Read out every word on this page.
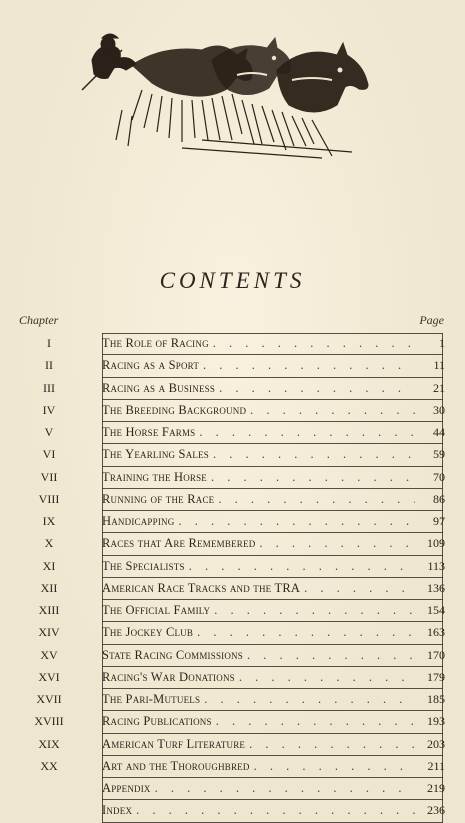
CONTENTS
Chapter	Page
I	The Role of Racing . . .	1
II	Racing as a Sport . . .	11
III	Racing as a Business . . .	21
IV	The Breeding Background . . .	30
V	The Horse Farms . . .	44
VI	The Yearling Sales . . .	59
VII	Training the Horse . . .	70
VIII	Running of the Race . . .	86
IX	Handicapping . . .	97
X	Races that Are Remembered . . .	109
XI	The Specialists . . .	113
XII	American Race Tracks and the TRA . . .	136
XIII	The Official Family . . .	154
XIV	The Jockey Club . . .	163
XV	State Racing Commissions . . .	170
XVI	Racing's War Donations . . .	179
XVII	The Pari-Mutuels . . .	185
XVIII	Racing Publications . . .	193
XIX	American Turf Literature . . .	203
XX	Art and the Thoroughbred . . .	211
Appendix . . .	219
Index . . .	236
